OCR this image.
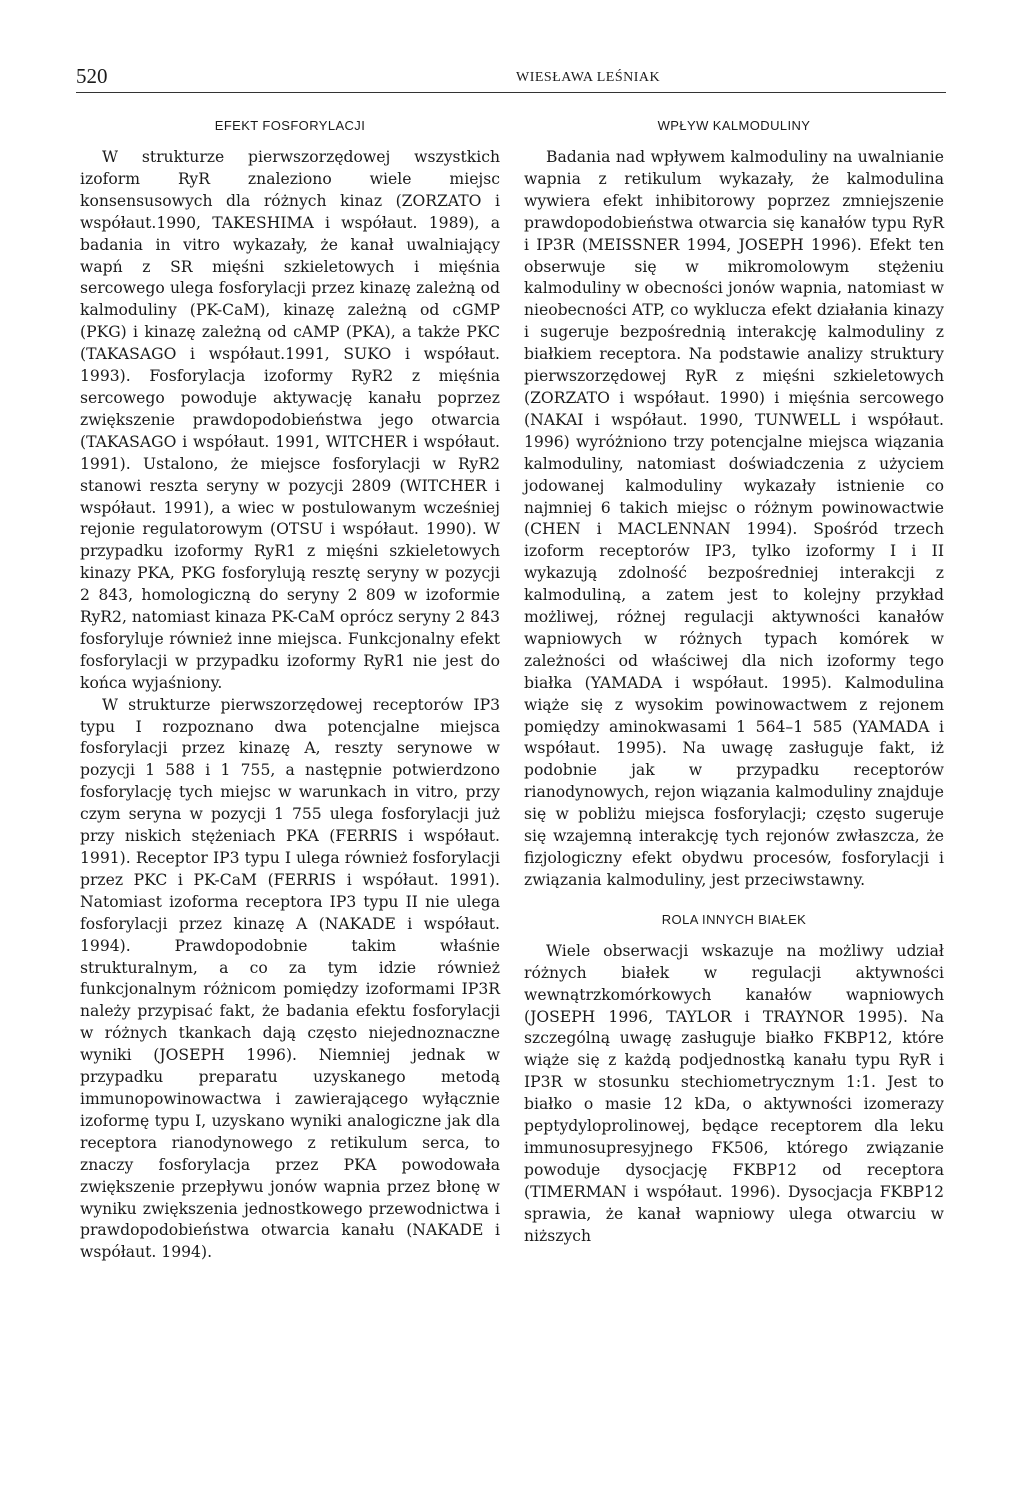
520	WIESŁAWA LEŚNIAK
EFEKT FOSFORYLACJI

W strukturze pierwszorzędowej wszystkich izoform RyR znaleziono wiele miejsc konsensusowych dla różnych kinaz (ZORZATO i współaut.1990, TAKESHIMA i współaut. 1989), a badania in vitro wykazały, że kanał uwalniający wapń z SR mięśni szkieletowych i mięśnia sercowego ulega fosforylacji przez kinazę zależną od kalmoduliny (PK-CaM), kinazę zależną od cGMP (PKG) i kinazę zależną od cAMP (PKA), a także PKC (TAKASAGO i współaut.1991, SUKO i współaut. 1993). Fosforylacja izoformy RyR2 z mięśnia sercowego powoduje aktywację kanału poprzez zwiększenie prawdopodobieństwa jego otwarcia (TAKASAGO i współaut. 1991, WITCHER i współaut. 1991). Ustalono, że miejsce fosforylacji w RyR2 stanowi reszta seryny w pozycji 2809 (WITCHER i współaut. 1991), a wiec w postulowanym wcześniej rejonie regulatorowym (OTSU i współaut. 1990). W przypadku izoformy RyR1 z mięśni szkieletowych kinazy PKA, PKG fosforylują resztę seryny w pozycji 2 843, homologiczną do seryny 2 809 w izoformie RyR2, natomiast kinaza PK-CaM oprócz seryny 2 843 fosforyluje również inne miejsca. Funkcjonalny efekt fosforylacji w przypadku izoformy RyR1 nie jest do końca wyjaśniony.

W strukturze pierwszorzędowej receptorów IP3 typu I rozpoznano dwa potencjalne miejsca fosforylacji przez kinazę A, reszty serynowe w pozycji 1 588 i 1 755, a następnie potwierdzono fosforylację tych miejsc w warunkach in vitro, przy czym seryna w pozycji 1 755 ulega fosforylacji już przy niskich stężeniach PKA (FERRIS i współaut. 1991). Receptor IP3 typu I ulega również fosforylacji przez PKC i PK-CaM (FERRIS i współaut. 1991). Natomiast izoforma receptora IP3 typu II nie ulega fosforylacji przez kinazę A (NAKADE i współaut. 1994). Prawdopodobnie takim właśnie strukturalnym, a co za tym idzie również funkcjonalnym różnicom pomiędzy izoformami IP3R należy przypisać fakt, że badania efektu fosforylacji w różnych tkankach dają często niejednoznaczne wyniki (JOSEPH 1996). Niemniej jednak w przypadku preparatu uzyskanego metodą immunopowinowactwa i zawierającego wyłącznie izoformę typu I, uzyskano wyniki analogiczne jak dla receptora rianodynowego z retikulum serca, to znaczy fosforylacja przez PKA powodowała zwiększenie przepływu jonów wapnia przez błonę w wyniku zwiększenia jednostkowego przewodnictwa i prawdopodobieństwa otwarcia kanału (NAKADE i współaut. 1994).

WPŁYW KALMODULINY

Badania nad wpływem kalmoduliny na uwalnianie wapnia z retikulum wykazały, że kalmodulina wywiera efekt inhibitorowy poprzez zmniejszenie prawdopodobieństwa otwarcia się kanałów typu RyR i IP3R (MEISSNER 1994, JOSEPH 1996). Efekt ten obserwuje się w mikromolowym stężeniu kalmoduliny w obecności jonów wapnia, natomiast w nieobecności ATP, co wyklucza efekt działania kinazy i sugeruje bezpośrednią interakcję kalmoduliny z białkiem receptora. Na podstawie analizy struktury pierwszorzędowej RyR z mięśni szkieletowych (ZORZATO i współaut. 1990) i mięśnia sercowego (NAKAI i współaut. 1990, TUNWELL i współaut. 1996) wyróżniono trzy potencjalne miejsca wiązania kalmoduliny, natomiast doświadczenia z użyciem jodowanej kalmoduliny wykazały istnienie co najmniej 6 takich miejsc o różnym powinowactwie (CHEN i MACLENNAN 1994). Spośród trzech izoform receptorów IP3, tylko izoformy I i II wykazują zdolność bezpośredniej interakcji z kalmoduliną, a zatem jest to kolejny przykład możliwej, różnej regulacji aktywności kanałów wapniowych w różnych typach komórek w zależności od właściwej dla nich izoformy tego białka (YAMADA i współaut. 1995). Kalmodulina wiąże się z wysokim powinowactwem z rejonem pomiędzy aminokwasami 1 564–1 585 (YAMADA i współaut. 1995). Na uwagę zasługuje fakt, iż podobnie jak w przypadku receptorów rianodynowych, rejon wiązania kalmoduliny znajduje się w pobliżu miejsca fosforylacji; często sugeruje się wzajemną interakcję tych rejonów zwłaszcza, że fizjologiczny efekt obydwu procesów, fosforylacji i związania kalmoduliny, jest przeciwstawny.

ROLA INNYCH BIAŁEK

Wiele obserwacji wskazuje na możliwy udział różnych białek w regulacji aktywności wewnątrzkomórkowych kanałów wapniowych (JOSEPH 1996, TAYLOR i TRAYNOR 1995). Na szczególną uwagę zasługuje białko FKBP12, które wiąże się z każdą podjednostką kanału typu RyR i IP3R w stosunku stechiometrycznym 1:1. Jest to białko o masie 12 kDa, o aktywności izomerazy peptydyloprolinowej, będące receptorem dla leku immunosupresyjnego FK506, którego związanie powoduje dysocjację FKBP12 od receptora (TIMERMAN i współaut. 1996). Dysocjacja FKBP12 sprawia, że kanał wapniowy ulega otwarciu w niższych
